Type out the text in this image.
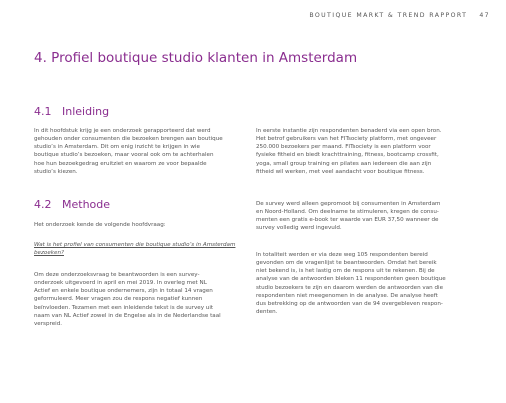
BOUTIQUE MARKT & TREND RAPPORT 47
4. Profiel boutique studio klanten in Amsterdam
4.1 Inleiding
In dit hoofdstuk krijg je een onderzoek gerapporteerd dat werd
gehouden onder consumenten die bezoeken brengen aan boutique
studio’s in Amsterdam. Dit om enig inzicht te krijgen in wie
boutique studio’s bezoeken, maar vooral ook om te achterhalen
hoe hun bezoekgedrag eruitziet en waarom ze voor bepaalde
studio’s kiezen.
4.2 Methode
Het onderzoek kende de volgende hoofdvraag:
Wat is het profiel van consumenten die boutique studio’s in Amsterdam
bezoeken?
Om deze onderzoeksvraag te beantwoorden is een survey-
onderzoek uitgevoerd in april en mei 2019. In overleg met NL
Actief en enkele boutique ondernemers, zijn in totaal 14 vragen
geformuleerd. Meer vragen zou de respons negatief kunnen
beïnvloeden. Tezamen met een inleidende tekst is de survey uit
naam van NL Actief zowel in de Engelse als in de Nederlandse taal
verspreid.
In eerste instantie zijn respondenten benaderd via een open bron.
Het betrof gebruikers van het FITsociety platform, met ongeveer
250.000 bezoekers per maand. FITsociety is een platform voor
fysieke fitheid en biedt krachttraining, fitness, bootcamp crossfit,
yoga, small group training en pilates aan iedereen die aan zijn
fitheid wil werken, met veel aandacht voor boutique fitness.
De survey werd alleen gepromoot bij consumenten in Amsterdam
en Noord-Holland. Om deelname te stimuleren, kregen de consu-
menten een gratis e-book ter waarde van EUR 37,50 wanneer de
survey volledig werd ingevuld.
In totaliteit werden er via deze weg 105 respondenten bereid
gevonden om de vragenlijst te beantwoorden. Omdat het bereik
niet bekend is, is het lastig om de respons uit te rekenen. Bij de
analyse van de antwoorden bleken 11 respondenten geen boutique
studio bezoekers te zijn en daarom werden de antwoorden van die
respondenten niet meegenomen in de analyse. De analyse heeft
dus betrekking op de antwoorden van de 94 overgebleven respon-
denten.
